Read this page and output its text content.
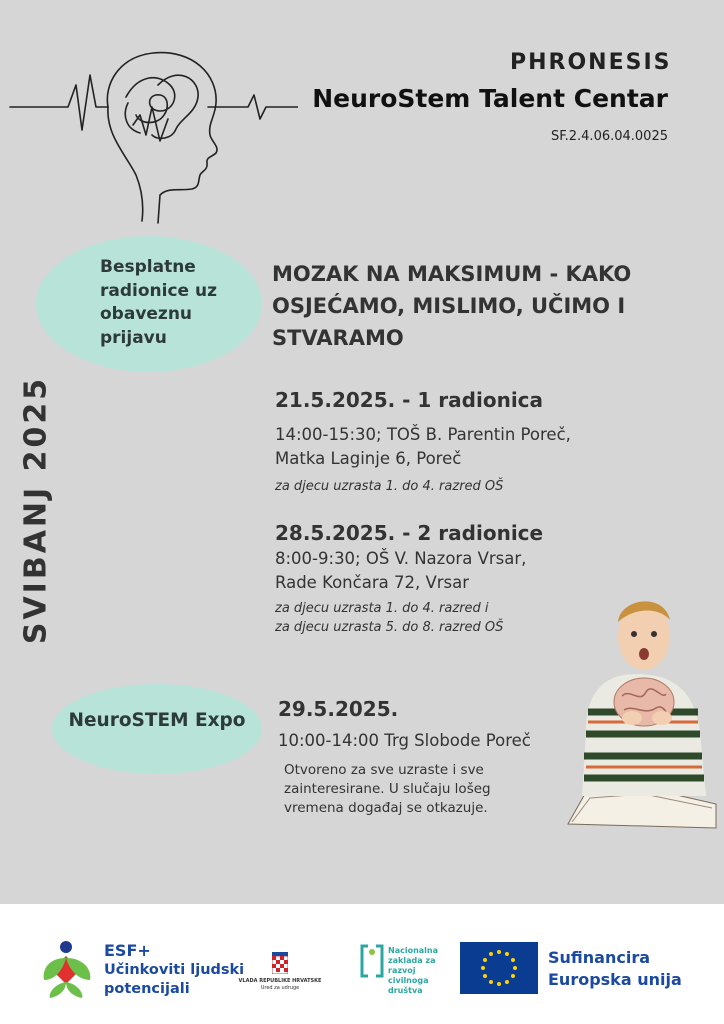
PHRONESIS
NeuroStem Talent Centar
SF.2.4.06.04.0025
SVIBANJ 2025
Besplatne radionice uz obaveznu prijavu
MOZAK NA MAKSIMUM - KAKO OSJEĆAMO, MISLIMO, UČIMO I STVARAMO
21.5.2025. - 1 radionica
14:00-15:30; TOŠ B. Parentin Poreč,
Matka Laginje 6, Poreč
za djecu uzrasta 1. do 4. razred OŠ
28.5.2025. - 2 radionice
8:00-9:30; OŠ V. Nazora Vrsar,
Rade Končara 72, Vrsar
za djecu uzrasta 1. do 4. razred i
za djecu uzrasta 5. do 8. razred OŠ
NeuroSTEM Expo	29.5.2025.
10:00-14:00 Trg Slobode Poreč
Otvoreno za sve uzraste i sve zainteresirane. U slučaju lošeg vremena događaj se otkazuje.
ESF+
Učinkoviti ljudski
potencijali	VLADA REPUBLIKE HRVATSKE
Ured za udruge
Nacionalna
zaklada za
razvoj
civilnoga
društva
Sufinancira
Europska unija
